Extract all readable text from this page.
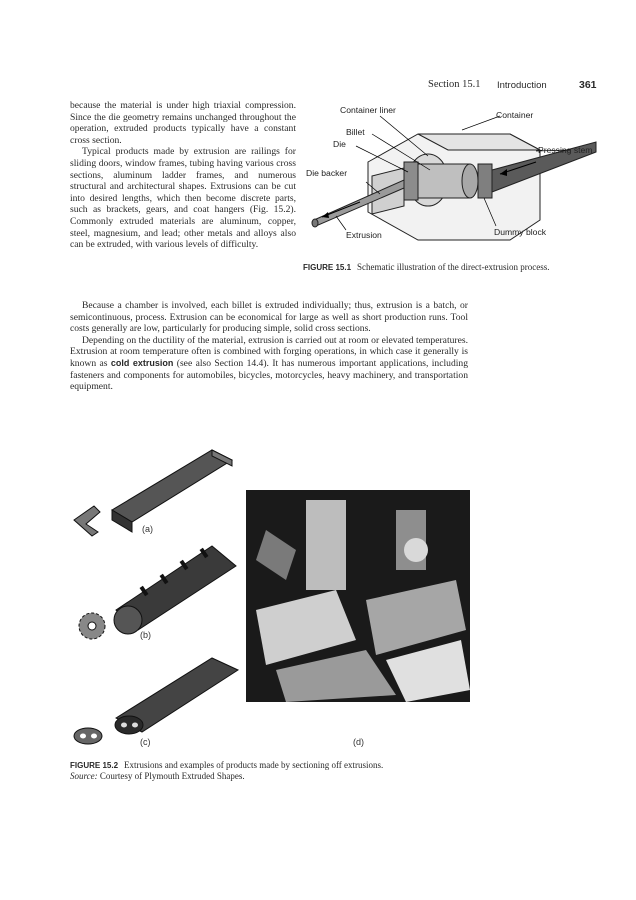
Section 15.1 Introduction	361

because the material is under high triaxial compression. Since the die geometry remains unchanged throughout the operation, extruded products typically have a constant cross section.

Typical products made by extrusion are railings for sliding doors, window frames, tubing having various cross sections, aluminum ladder frames, and numerous structural and architectural shapes. Extrusions can be cut into desired lengths, which then become discrete parts, such as brackets, gears, and coat hangers (Fig. 15.2). Commonly extruded materials are aluminum, copper, steel, magnesium, and lead; other metals and alloys also can be extruded, with various levels of difficulty.

Container liner	Container
Billet
Die
Pressing stem
Die backer
Extrusion	Dummy block
FIGURE 15.1 Schematic illustration of the direct-extrusion process.

Because a chamber is involved, each billet is extruded individually; thus, extrusion is a batch, or semicontinuous, process. Extrusion can be economical for large as well as short production runs. Tool costs generally are low, particularly for producing simple, solid cross sections.

Depending on the ductility of the material, extrusion is carried out at room or elevated temperatures. Extrusion at room temperature often is combined with forging operations, in which case it generally is known as cold extrusion (see also Section 14.4). It has numerous important applications, including fasteners and components for automobiles, bicycles, motorcycles, heavy machinery, and transportation equipment.

(a)
(b)
(c)	(d)
FIGURE 15.2 Extrusions and examples of products made by sectioning off extrusions.
Source: Courtesy of Plymouth Extruded Shapes.
